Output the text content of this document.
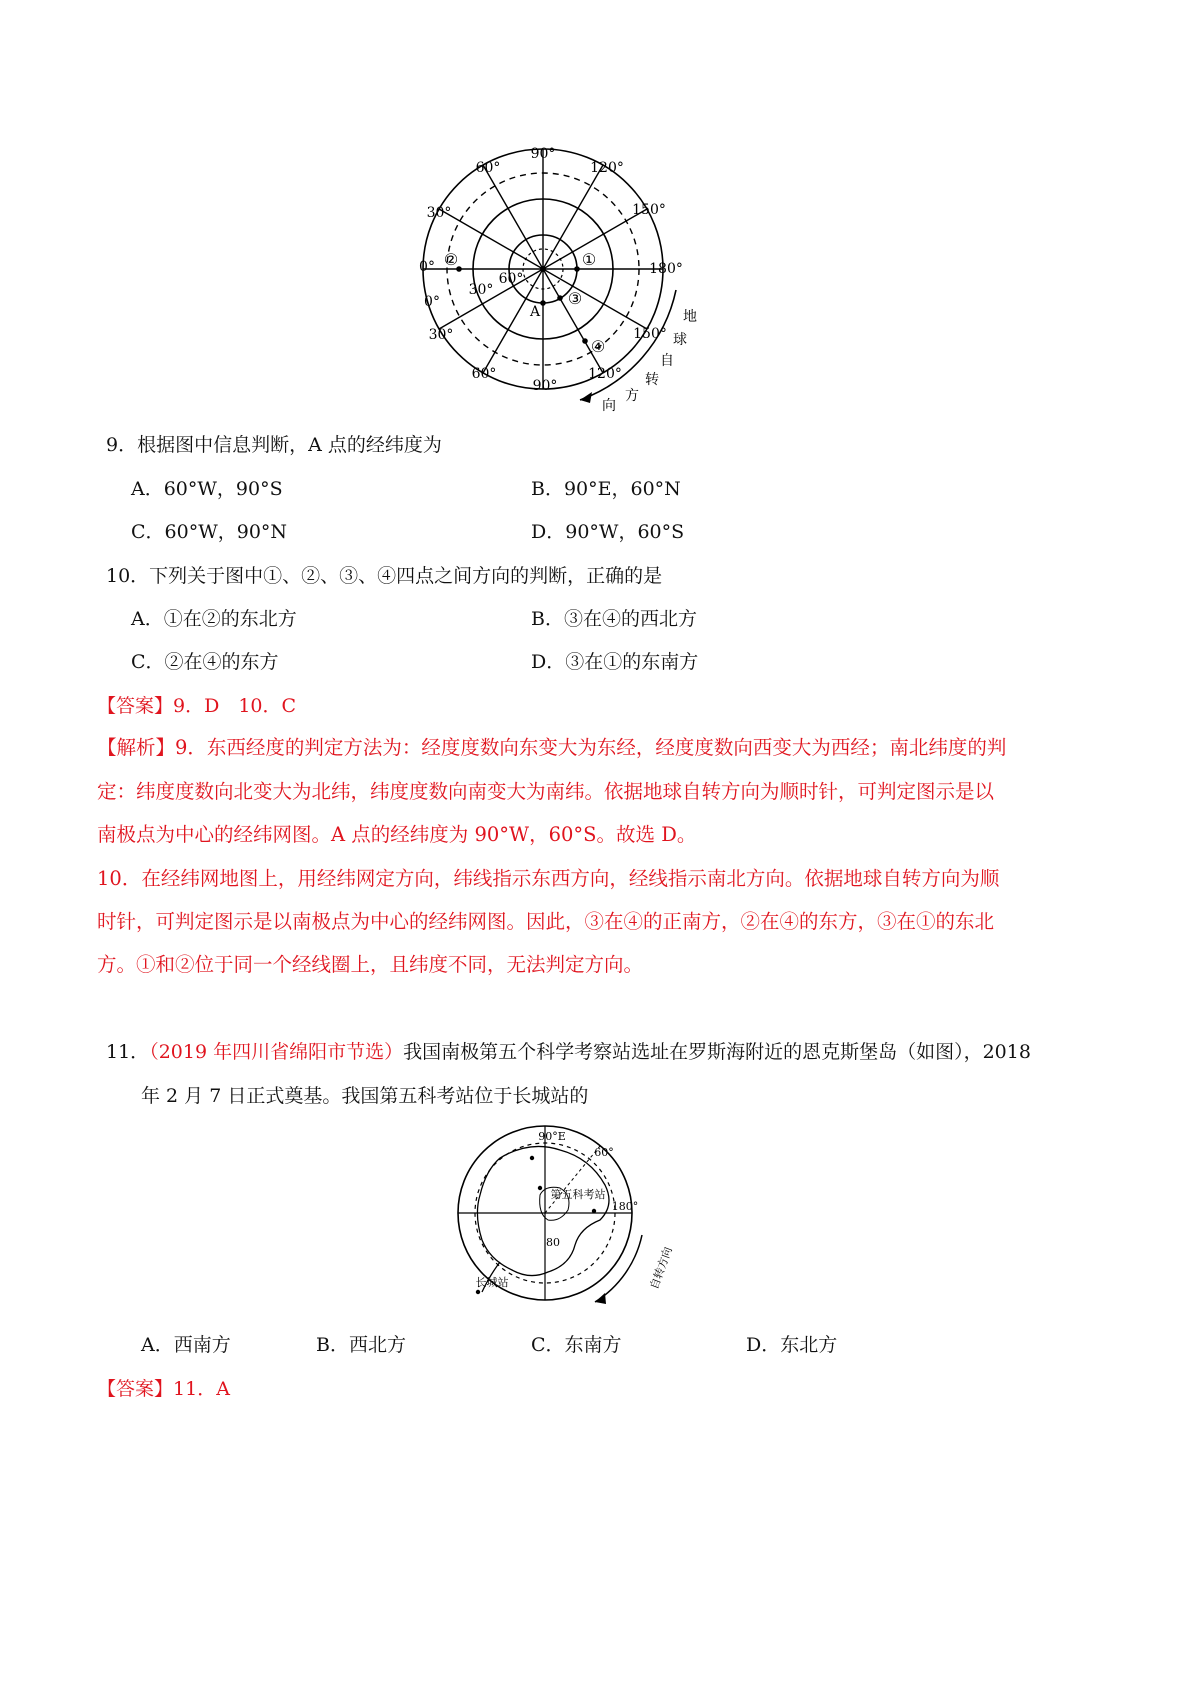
90°
60°	120°
30°	150°
0°
0°
180°
30°	150°
60°
90°
120°
60°
30°
A
①
②
③
④
地
球
自
转
方
向
9．根据图中信息判断，A 点的经纬度为
A．60°W，90°S	B．90°E，60°N
C．60°W，90°N	D．90°W，60°S
10．下列关于图中①、②、③、④四点之间方向的判断，正确的是
A．①在②的东北方	B．③在④的西北方
C．②在④的东方	D．③在①的东南方
【答案】9．D　10．C
【解析】9．东西经度的判定方法为：经度度数向东变大为东经，经度度数向西变大为西经；南北纬度的判
定：纬度度数向北变大为北纬，纬度度数向南变大为南纬。依据地球自转方向为顺时针，可判定图示是以
南极点为中心的经纬网图。A 点的经纬度为 90°W，60°S。故选 D。
10．在经纬网地图上，用经纬网定方向，纬线指示东西方向，经线指示南北方向。依据地球自转方向为顺
时针，可判定图示是以南极点为中心的经纬网图。因此，③在④的正南方，②在④的东方，③在①的东北
方。①和②位于同一个经线圈上，且纬度不同，无法判定方向。
11．（2019 年四川省绵阳市节选）我国南极第五个科学考察站选址在罗斯海附近的恩克斯堡岛（如图），2018
年 2 月 7 日正式奠基。我国第五科考站位于长城站的
90°E
60°
180°
80
第五科考站
长城站	自转方向
A．西南方	B．西北方	C．东南方	D．东北方
【答案】11．A
